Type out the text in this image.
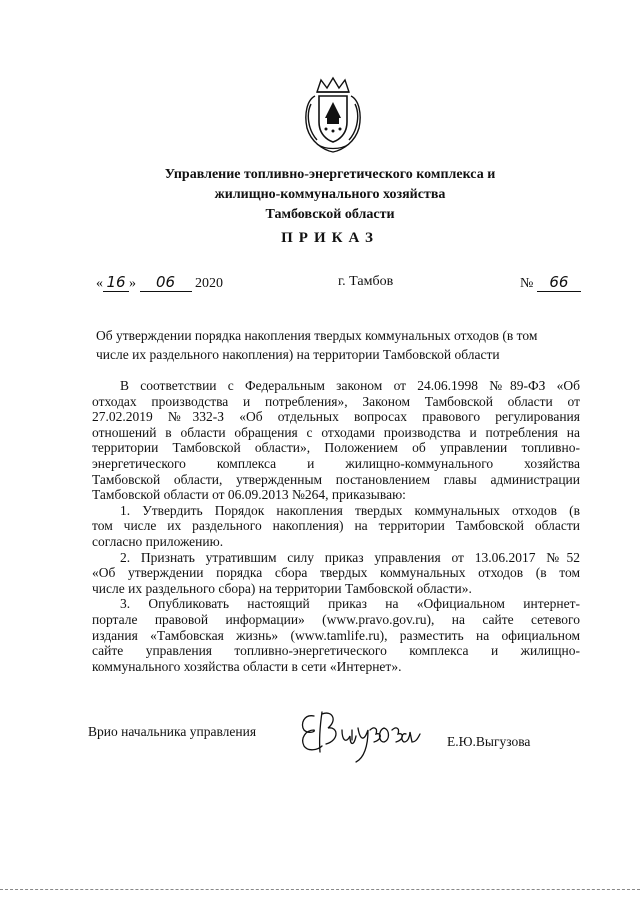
Управление топливно-энергетического комплекса и
жилищно-коммунального хозяйства
Тамбовской области
ПРИКАЗ
« 16 » 06 2020	г. Тамбов	№ 66
Об утверждении порядка накопления твердых коммунальных отходов (в том
числе их раздельного накопления) на территории Тамбовской области
В соответствии с Федеральным законом от 24.06.1998 №89-ФЗ «Об
отходах производства и потребления», Законом Тамбовской области от
27.02.2019 №332-З «Об отдельных вопросах правового регулирования
отношений в области обращения с отходами производства и потребления на
территории Тамбовской области», Положением об управлении топливно-
энергетического комплекса и жилищно-коммунального хозяйства
Тамбовской области, утвержденным постановлением главы администрации
Тамбовской области от 06.09.2013 №264, приказываю:
1. Утвердить Порядок накопления твердых коммунальных отходов (в
том числе их раздельного накопления) на территории Тамбовской области
согласно приложению.
2. Признать утратившим силу приказ управления от 13.06.2017 №52
«Об утверждении порядка сбора твердых коммунальных отходов (в том
числе их раздельного сбора) на территории Тамбовской области».
3. Опубликовать настоящий приказ на «Официальном интернет-
портале правовой информации» (www.pravo.gov.ru), на сайте сетевого
издания «Тамбовская жизнь» (www.tamlife.ru), разместить на официальном
сайте управления топливно-энергетического комплекса и жилищно-
коммунального хозяйства области в сети «Интернет».
Врио начальника управления
Е.Ю.Выгузова
